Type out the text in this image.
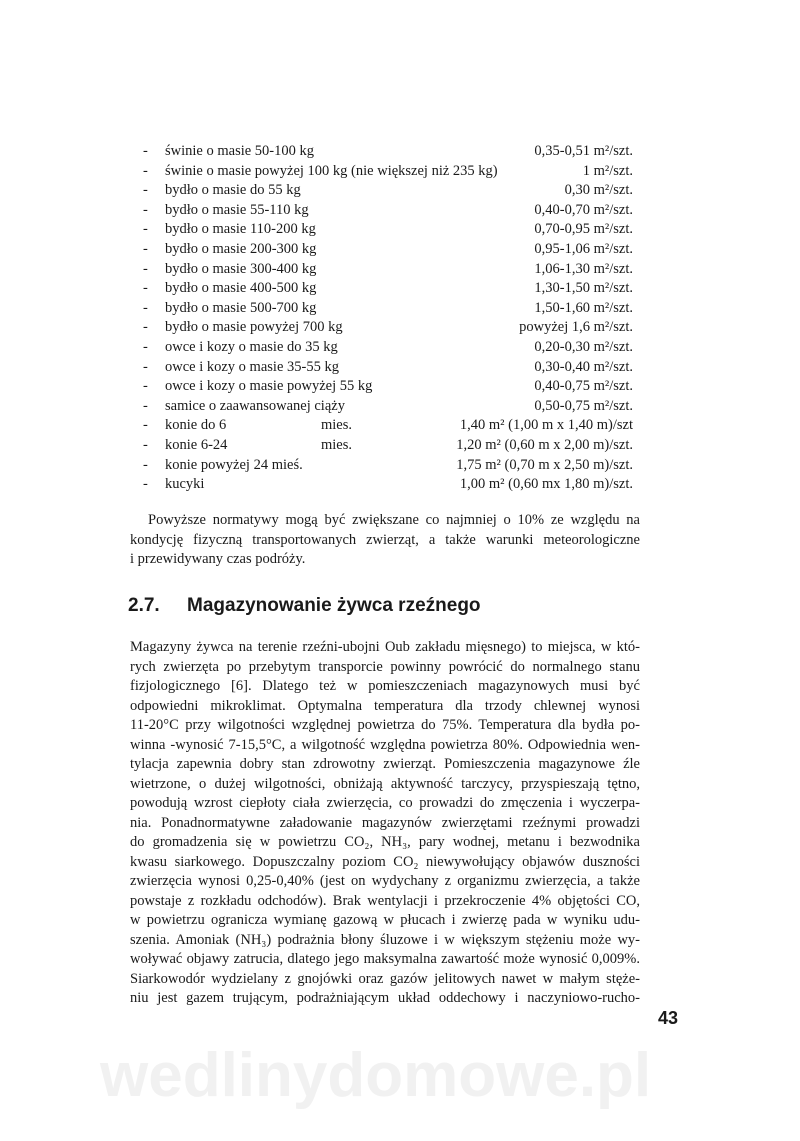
wedlinydomowe.pl
- świnie o masie 50-100 kg	0,35-0,51 m²/szt.
- świnie o masie powyżej 100 kg (nie większej niż 235 kg)	1 m²/szt.
- bydło o masie do 55 kg	0,30 m²/szt.
- bydło o masie 55-110 kg	0,40-0,70 m²/szt.
- bydło o masie 110-200 kg	0,70-0,95 m²/szt.
- bydło o masie 200-300 kg	0,95-1,06 m²/szt.
- bydło o masie 300-400 kg	1,06-1,30 m²/szt.
- bydło o masie 400-500 kg	1,30-1,50 m²/szt.
- bydło o masie 500-700 kg	1,50-1,60 m²/szt.
- bydło o masie powyżej 700 kg	powyżej 1,6 m²/szt.
- owce i kozy o masie do 35 kg	0,20-0,30 m²/szt.
- owce i kozy o masie 35-55 kg	0,30-0,40 m²/szt.
- owce i kozy o masie powyżej 55 kg	0,40-0,75 m²/szt.
- samice o zaawansowanej ciąży	0,50-0,75 m²/szt.
- konie do 6	mies.	1,40 m² (1,00 m x 1,40 m)/szt
- konie 6-24	mies.	1,20 m² (0,60 m x 2,00 m)/szt.
- konie powyżej 24 mieś.	1,75 m² (0,70 m x 2,50 m)/szt.
- kucyki	1,00 m² (0,60 mx 1,80 m)/szt.
Powyższe normatywy mogą być zwiększane co najmniej o 10% ze względu na
kondycję fizyczną transportowanych zwierząt, a także warunki meteorologiczne
i przewidywany czas podróży.
2.7. Magazynowanie żywca rzeźnego
Magazyny żywca na terenie rzeźni-ubojni Oub zakładu mięsnego) to miejsca, w któ-
rych zwierzęta po przebytym transporcie powinny powrócić do normalnego stanu
fizjologicznego [6]. Dlatego też w pomieszczeniach magazynowych musi być
odpowiedni mikroklimat. Optymalna temperatura dla trzody chlewnej wynosi
11-20°C przy wilgotności względnej powietrza do 75%. Temperatura dla bydła po-
winna -wynosić 7-15,5°C, a wilgotność względna powietrza 80%. Odpowiednia wen-
tylacja zapewnia dobry stan zdrowotny zwierząt. Pomieszczenia magazynowe źle
wietrzone, o dużej wilgotności, obniżają aktywność tarczycy, przyspieszają tętno,
powodują wzrost ciepłoty ciała zwierzęcia, co prowadzi do zmęczenia i wyczerpa-
nia. Ponadnormatywne załadowanie magazynów zwierzętami rzeźnymi prowadzi
do gromadzenia się w powietrzu CO₂, NH₃, pary wodnej, metanu i bezwodnika
kwasu siarkowego. Dopuszczalny poziom CO₂ niewywołujący objawów duszności
zwierzęcia wynosi 0,25-0,40% (jest on wydychany z organizmu zwierzęcia, a także
powstaje z rozkładu odchodów). Brak wentylacji i przekroczenie 4% objętości CO,
w powietrzu ogranicza wymianę gazową w płucach i zwierzę pada w wyniku udu-
szenia. Amoniak (NH₃) podrażnia błony śluzowe i w większym stężeniu może wy-
woływać objawy zatrucia, dlatego jego maksymalna zawartość może wynosić 0,009%.
Siarkowodór wydzielany z gnojówki oraz gazów jelitowych nawet w małym stęże-
niu jest gazem trującym, podrażniającym układ oddechowy i naczyniowo-rucho-
43
